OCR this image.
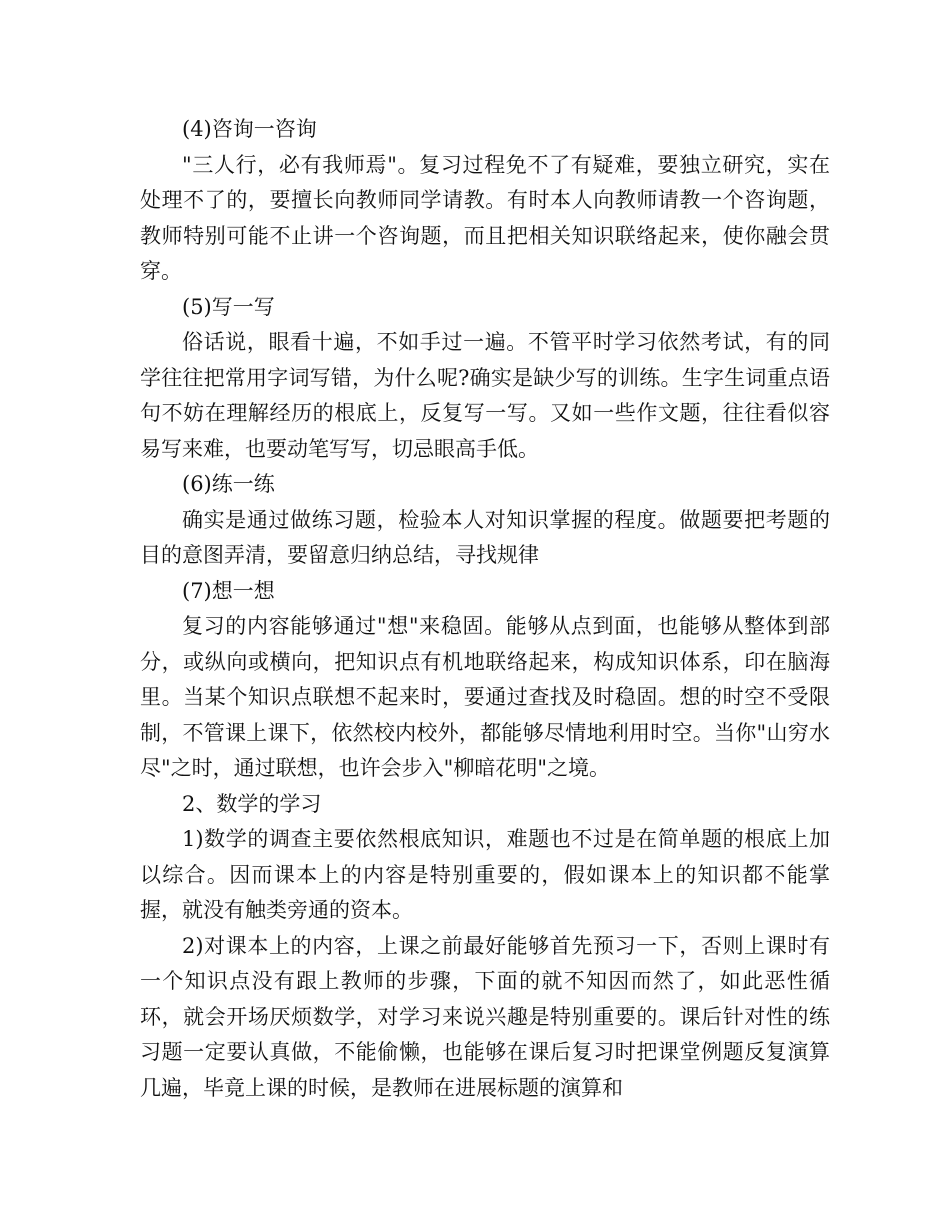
(4)咨询一咨询

"三人行，必有我师焉"。复习过程免不了有疑难，要独立研究，实在处理不了的，要擅长向教师同学请教。有时本人向教师请教一个咨询题，教师特别可能不止讲一个咨询题，而且把相关知识联络起来，使你融会贯穿。

(5)写一写

俗话说，眼看十遍，不如手过一遍。不管平时学习依然考试，有的同学往往把常用字词写错，为什么呢?确实是缺少写的训练。生字生词重点语句不妨在理解经历的根底上，反复写一写。又如一些作文题，往往看似容易写来难，也要动笔写写，切忌眼高手低。

(6)练一练

确实是通过做练习题，检验本人对知识掌握的程度。做题要把考题的目的意图弄清，要留意归纳总结，寻找规律

(7)想一想

复习的内容能够通过"想"来稳固。能够从点到面，也能够从整体到部分，或纵向或横向，把知识点有机地联络起来，构成知识体系，印在脑海里。当某个知识点联想不起来时，要通过查找及时稳固。想的时空不受限制，不管课上课下，依然校内校外，都能够尽情地利用时空。当你"山穷水尽"之时，通过联想，也许会步入"柳暗花明"之境。

2、数学的学习

1)数学的调查主要依然根底知识，难题也不过是在简单题的根底上加以综合。因而课本上的内容是特别重要的，假如课本上的知识都不能掌握，就没有触类旁通的资本。

2)对课本上的内容，上课之前最好能够首先预习一下，否则上课时有一个知识点没有跟上教师的步骤，下面的就不知因而然了，如此恶性循环，就会开场厌烦数学，对学习来说兴趣是特别重要的。课后针对性的练习题一定要认真做，不能偷懒，也能够在课后复习时把课堂例题反复演算几遍，毕竟上课的时候，是教师在进展标题的演算和
